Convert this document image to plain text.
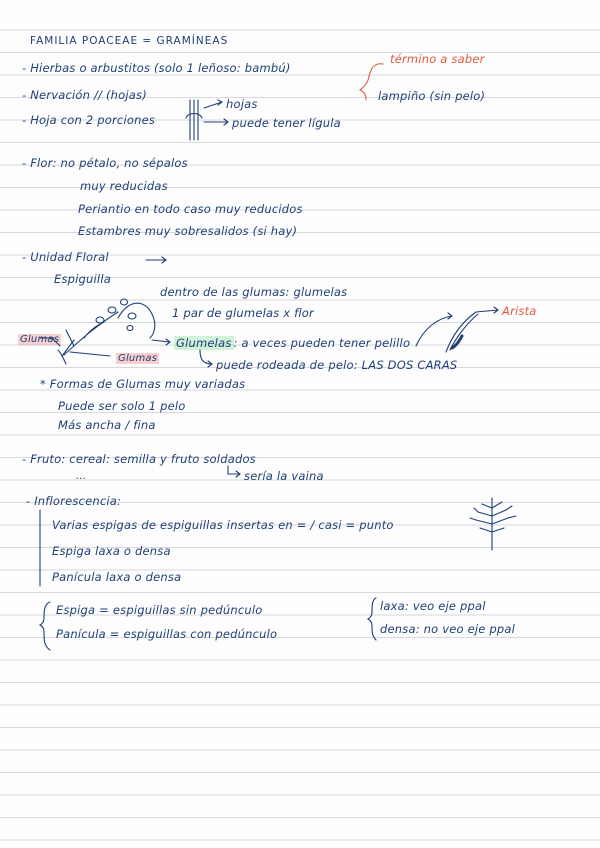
FAMILIA POACEAE = GRAMÍNEAS
- Hierbas o arbustitos (solo 1 leñoso: bambú)
término a saber
lampiño (sin pelo)
- Nervación // (hojas)
hojas
- Hoja con 2 porciones	puede tener lígula
- Flor: no pétalo, no sépalos
muy reducidas
Periantio en todo caso muy reducidos
Estambres muy sobresalidos (si hay)
- Unidad Floral
Espiguilla
dentro de las glumas: glumelas
1 par de glumelas x flor	Arista
Glumas
Glumas
Glumelas : a veces pueden tener pelillo
puede rodeada de pelo: LAS DOS CARAS
* Formas de Glumas muy variadas
Puede ser solo 1 pelo
Más ancha / fina
- Fruto: cereal: semilla y fruto soldados
...	sería la vaina
- Inflorescencia:
Varias espigas de espiguillas insertas en = / casi = punto
Espiga laxa o densa
Panícula laxa o densa
Espiga = espiguillas sin pedúnculo
Panícula = espiguillas con pedúnculo
laxa: veo eje ppal
densa: no veo eje ppal
